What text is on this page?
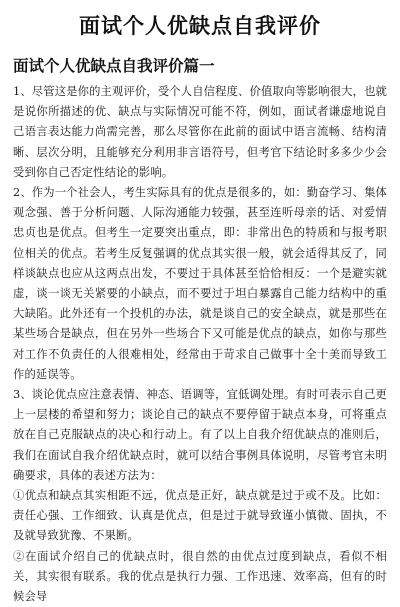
面试个人优缺点自我评价
面试个人优缺点自我评价篇一

1、尽管这是你的主观评价，受个人自信程度、价值取向等影响很大，也就是说你所描述的优、缺点与实际情况可能不符，例如，面试者谦虚地说自己语言表达能力尚需完善，那么尽管你在此前的面试中语言流畅、结构清晰、层次分明，且能够充分利用非言语符号，但考官下结论时多多少少会受到你自己否定性结论的影响。

2、作为一个社会人，考生实际具有的优点是很多的，如：勤奋学习、集体观念强、善于分析问题、人际沟通能力较强，甚至连听母亲的话、对爱情忠贞也是优点。但考生一定要突出重点，即：非常出色的特质和与报考职位相关的优点。若考生反复强调的优点其实很一般，就会适得其反了，同样谈缺点也应从这两点出发，不要过于具体甚至恰恰相反：一个是避实就虚，谈一谈无关紧要的小缺点，而不要过于坦白暴露自己能力结构中的重大缺陷。此外还有一个投机的办法，就是谈自己的安全缺点，就是那些在某些场合是缺点，但在另外一些场合下又可能是优点的缺点，如你与那些对工作不负责任的人很难相处，经常由于苛求自己做事十全十美而导致工作的延误等。

3、谈论优点应注意表情、神态、语调等，宜低调处理。有时可表示自己更上一层楼的希望和努力；谈论自己的缺点不要停留于缺点本身，可将重点放在自己克服缺点的决心和行动上。有了以上自我介绍优缺点的准则后，我们在面试自我介绍优缺点时，就可以结合事例具体说明，尽管考官未明确要求，具体的表述方法为：

①优点和缺点其实相距不远，优点是正好，缺点就是过于或不及。比如：责任心强、工作细致、认真是优点，但是过于就导致谨小慎微、固执，不及就导致犹豫、不果断。

②在面试介绍自己的优缺点时，很自然的由优点过度到缺点，看似不相关，其实很有联系。我的优点是执行力强、工作迅速、效率高，但有的时候会导
